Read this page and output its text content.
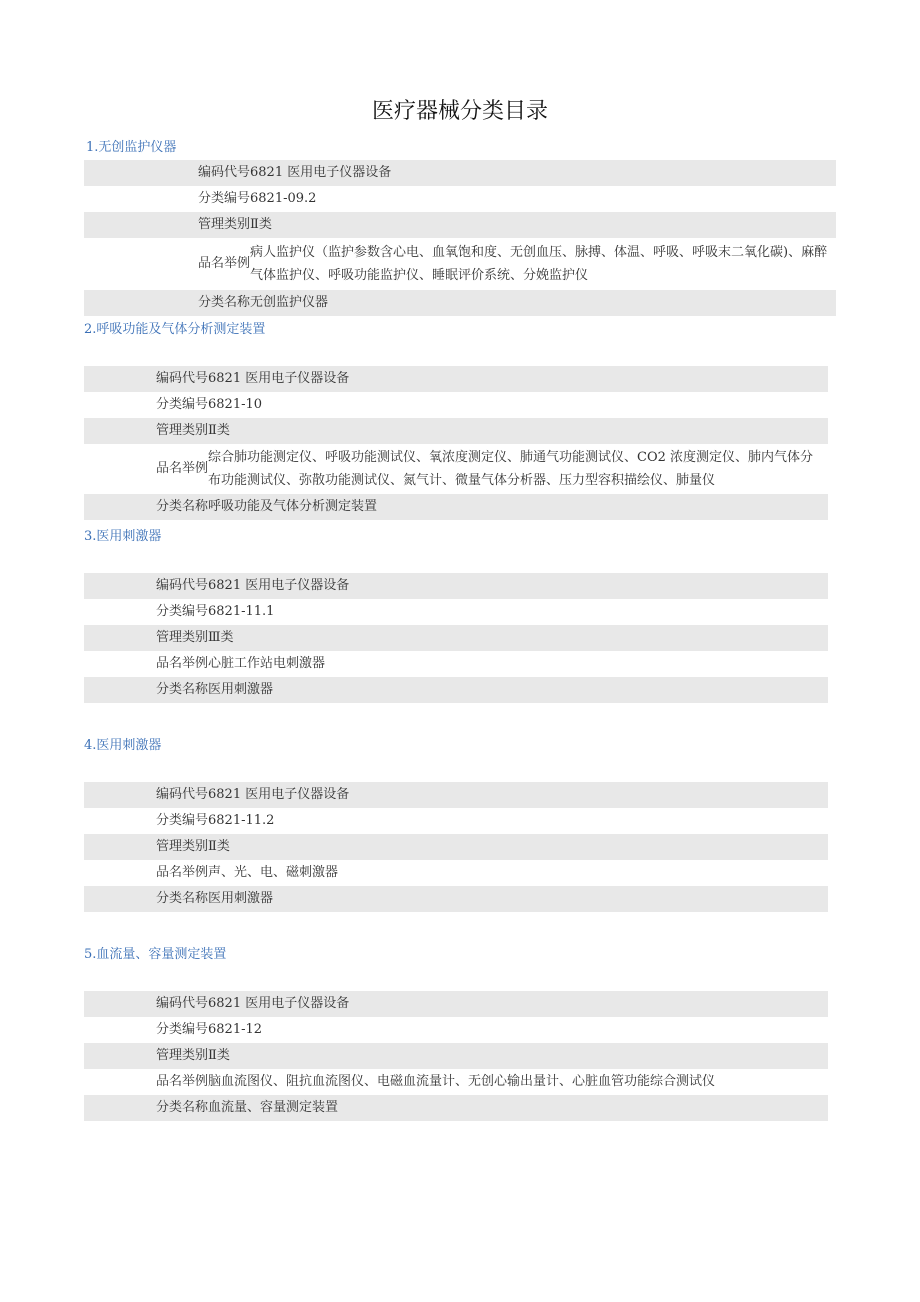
医疗器械分类目录
1.无创监护仪器
编码代号 6821 医用电子仪器设备
分类编号 6821-09.2
管理类别 Ⅱ类
品名举例
病人监护仪（监护参数含心电、血氧饱和度、无创血压、脉搏、体温、呼吸、呼吸末二氧化碳)、麻醉气体监护仪、呼吸功能监护仪、睡眠评价系统、分娩监护仪
分类名称 无创监护仪器
2.呼吸功能及气体分析测定装置
编码代号 6821 医用电子仪器设备
分类编号 6821-10
管理类别 Ⅱ类
品名举例
综合肺功能测定仪、呼吸功能测试仪、氧浓度测定仪、肺通气功能测试仪、CO2 浓度测定仪、肺内气体分布功能测试仪、弥散功能测试仪、氮气计、微量气体分析器、压力型容积描绘仪、肺量仪
分类名称 呼吸功能及气体分析测定装置
3.医用刺激器
编码代号 6821 医用电子仪器设备
分类编号 6821-11.1
管理类别 Ⅲ类
品名举例 心脏工作站电刺激器
分类名称 医用刺激器
4.医用刺激器
编码代号 6821 医用电子仪器设备
分类编号 6821-11.2
管理类别 Ⅱ类
品名举例 声、光、电、磁刺激器
分类名称 医用刺激器
5.血流量、容量测定装置
编码代号 6821 医用电子仪器设备
分类编号 6821-12
管理类别 Ⅱ类
品名举例 脑血流图仪、阻抗血流图仪、电磁血流量计、无创心输出量计、心脏血管功能综合测试仪
分类名称 血流量、容量测定装置
